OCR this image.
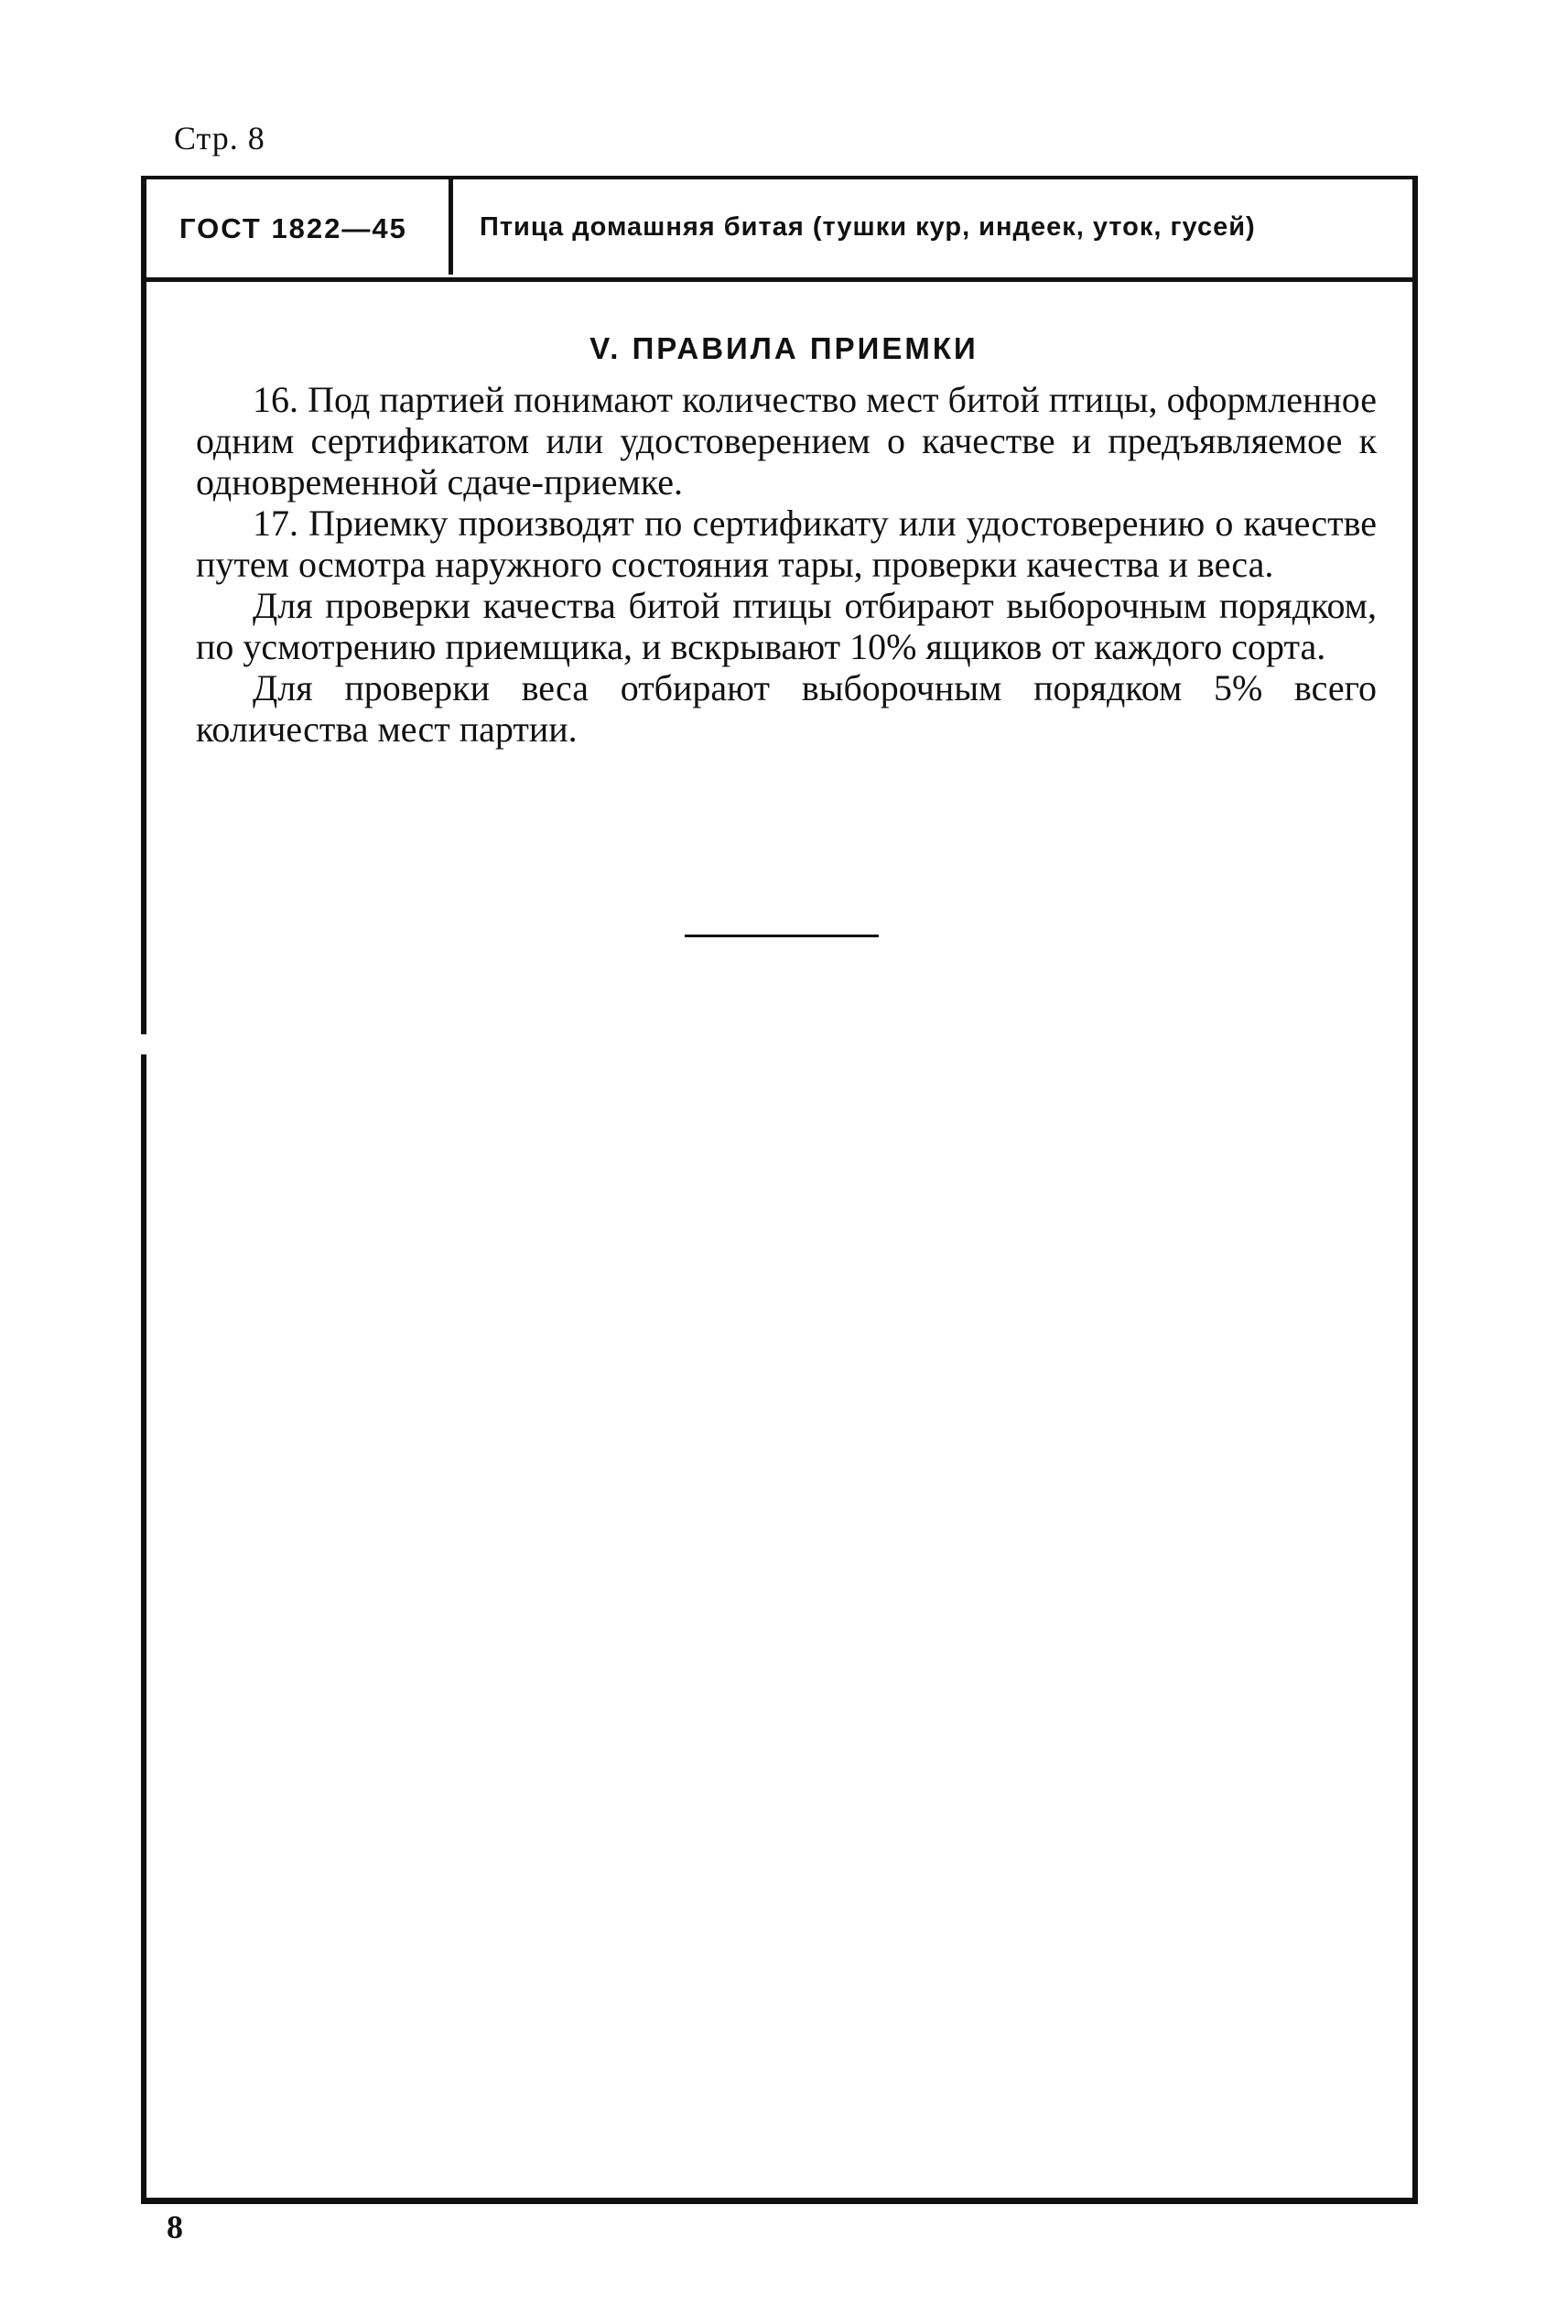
Стр. 8
ГОСТ 1822—45	Птица домашняя битая (тушки кур, индеек, уток, гусей)
V. ПРАВИЛА ПРИЕМКИ

16. Под партией понимают количество мест битой птицы, оформленное одним сертификатом или удостоверением о качестве и предъявляемое к одновременной сдаче-приемке.

17. Приемку производят по сертификату или удостоверению о качестве путем осмотра наружного состояния тары, проверки качества и веса.

Для проверки качества битой птицы отбирают выборочным порядком, по усмотрению приемщика, и вскрывают 10% ящиков от каждого сорта.

Для проверки веса отбирают выборочным порядком 5% всего количества мест партии.

8
